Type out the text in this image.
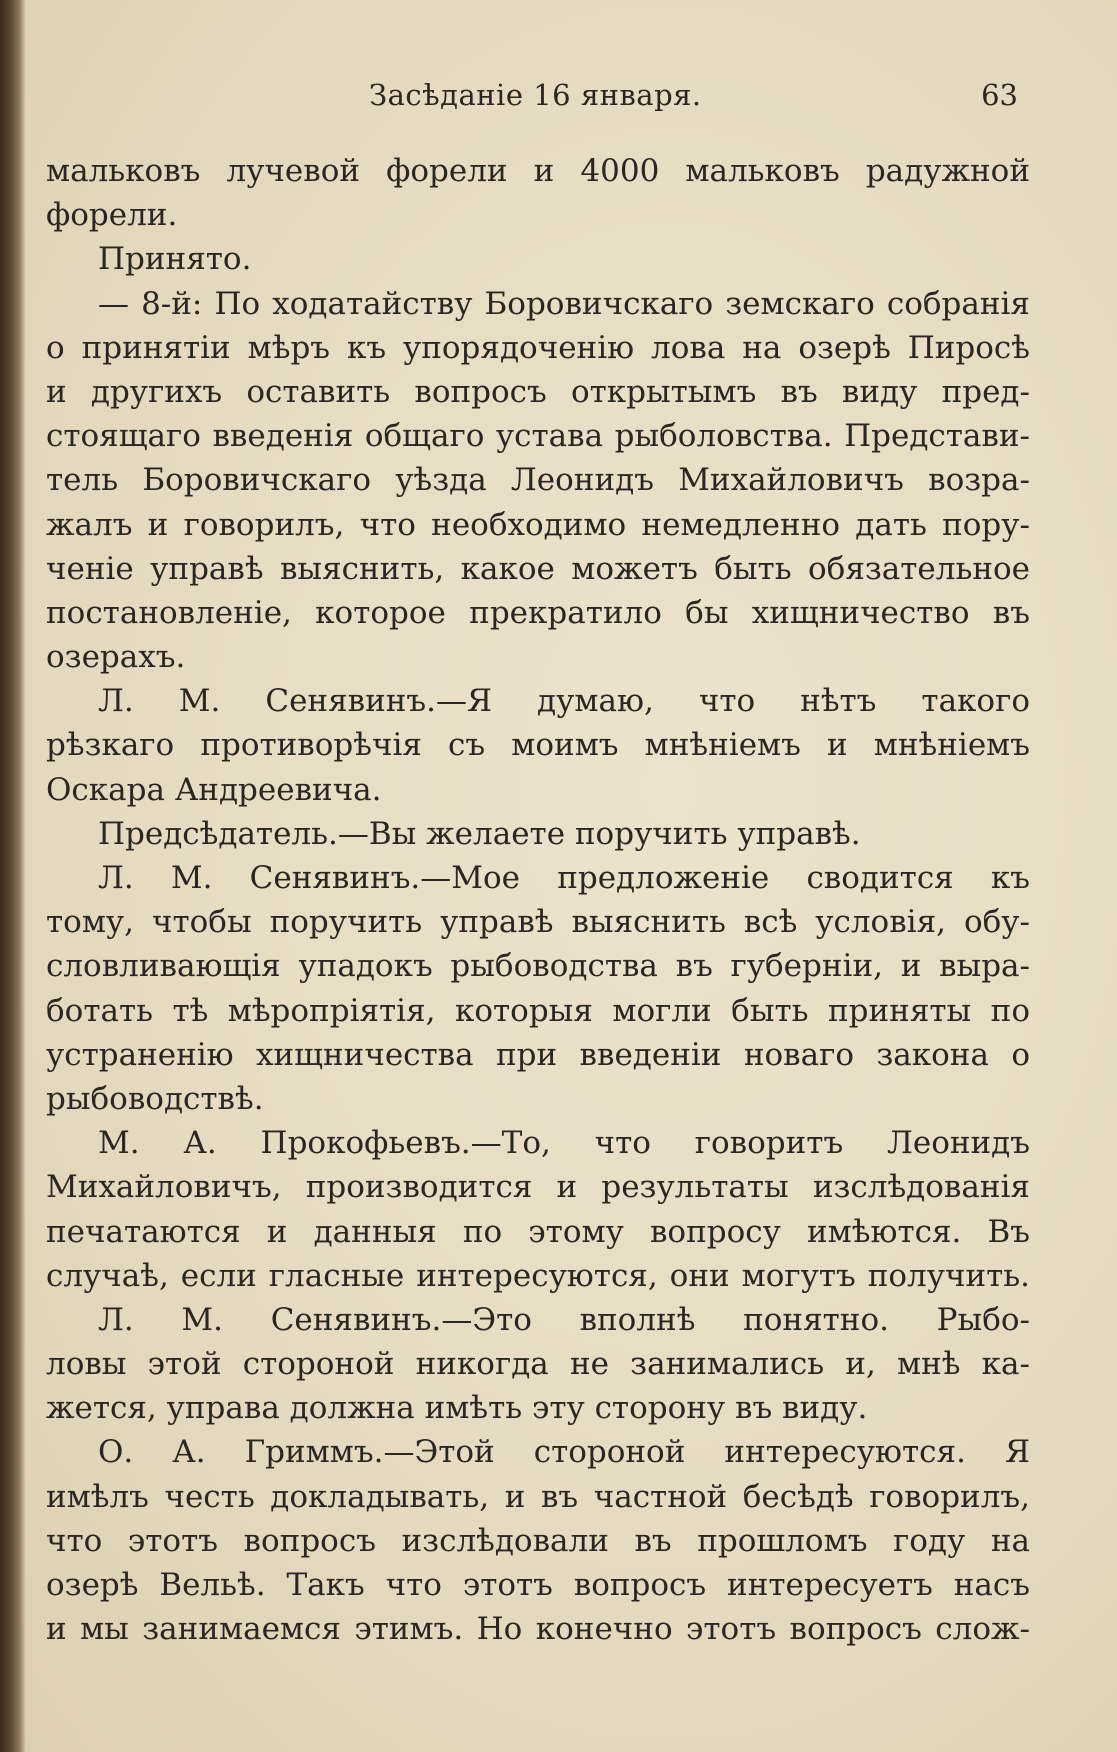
Засѣданіе 16 января.	63
мальковъ лучевой форели и 4000 мальковъ радужной
форели.
Принято.
— 8-й: По ходатайству Боровичскаго земскаго собранія
о принятіи мѣръ къ упорядоченію лова на озерѣ Пиросѣ
и другихъ оставить вопросъ открытымъ въ виду пред-
стоящаго введенія общаго устава рыболовства. Представи-
тель Боровичскаго уѣзда Леонидъ Михайловичъ возра-
жалъ и говорилъ, что необходимо немедленно дать пору-
ченіе управѣ выяснить, какое можетъ быть обязательное
постановленіе, которое прекратило бы хищничество въ
озерахъ.
Л. М. Сенявинъ.—Я думаю, что нѣтъ такого
рѣзкаго противорѣчія съ моимъ мнѣніемъ и мнѣніемъ
Оскара Андреевича.
Предсѣдатель.—Вы желаете поручить управѣ.
Л. М. Сенявинъ.—Мое предложеніе сводится къ
тому, чтобы поручить управѣ выяснить всѣ условія, обу-
словливающія упадокъ рыбоводства въ губерніи, и выра-
ботать тѣ мѣропріятія, которыя могли быть приняты по
устраненію хищничества при введеніи новаго закона о
рыбоводствѣ.
М. А. Прокофьевъ.—То, что говоритъ Леонидъ
Михайловичъ, производится и результаты изслѣдованія
печатаются и данныя по этому вопросу имѣются. Въ
случаѣ, если гласные интересуются, они могутъ получить.
Л. М. Сенявинъ.—Это вполнѣ понятно. Рыбо-
ловы этой стороной никогда не занимались и, мнѣ ка-
жется, управа должна имѣть эту сторону въ виду.
О. А. Гриммъ.—Этой стороной интересуются. Я
имѣлъ честь докладывать, и въ частной бесѣдѣ говорилъ,
что этотъ вопросъ изслѣдовали въ прошломъ году на
озерѣ Вельѣ. Такъ что этотъ вопросъ интересуетъ насъ
и мы занимаемся этимъ. Но конечно этотъ вопросъ слож-
